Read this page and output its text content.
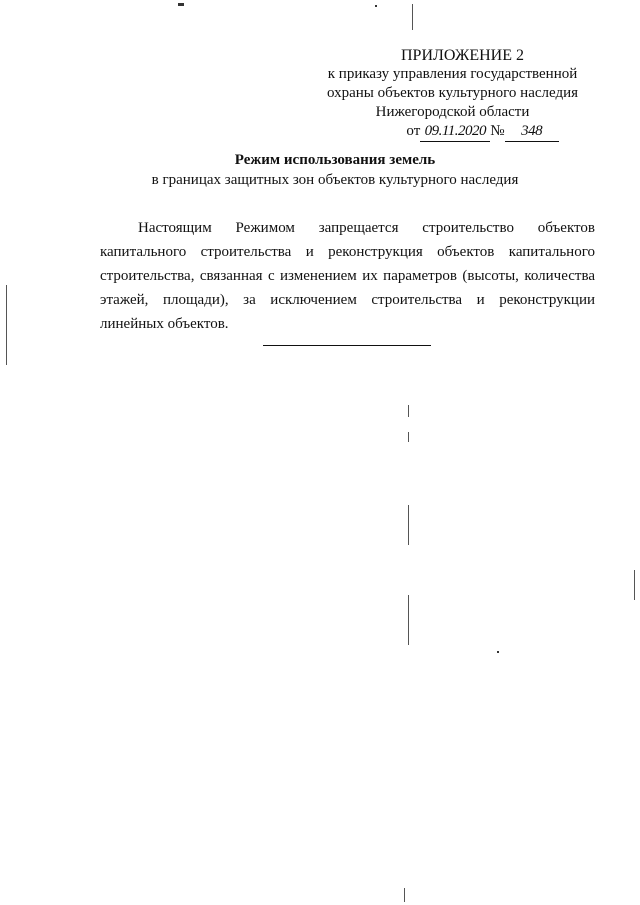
ПРИЛОЖЕНИЕ 2
к приказу управления государственной
охраны объектов культурного наследия
Нижегородской области
от 09.11.2020 № 348
Режим использования земель
в границах защитных зон объектов культурного наследия
Настоящим Режимом запрещается строительство объектов капитального строительства и реконструкция объектов капитального строительства, связанная с изменением их параметров (высоты, количества этажей, площади), за исключением строительства и реконструкции линейных объектов.
